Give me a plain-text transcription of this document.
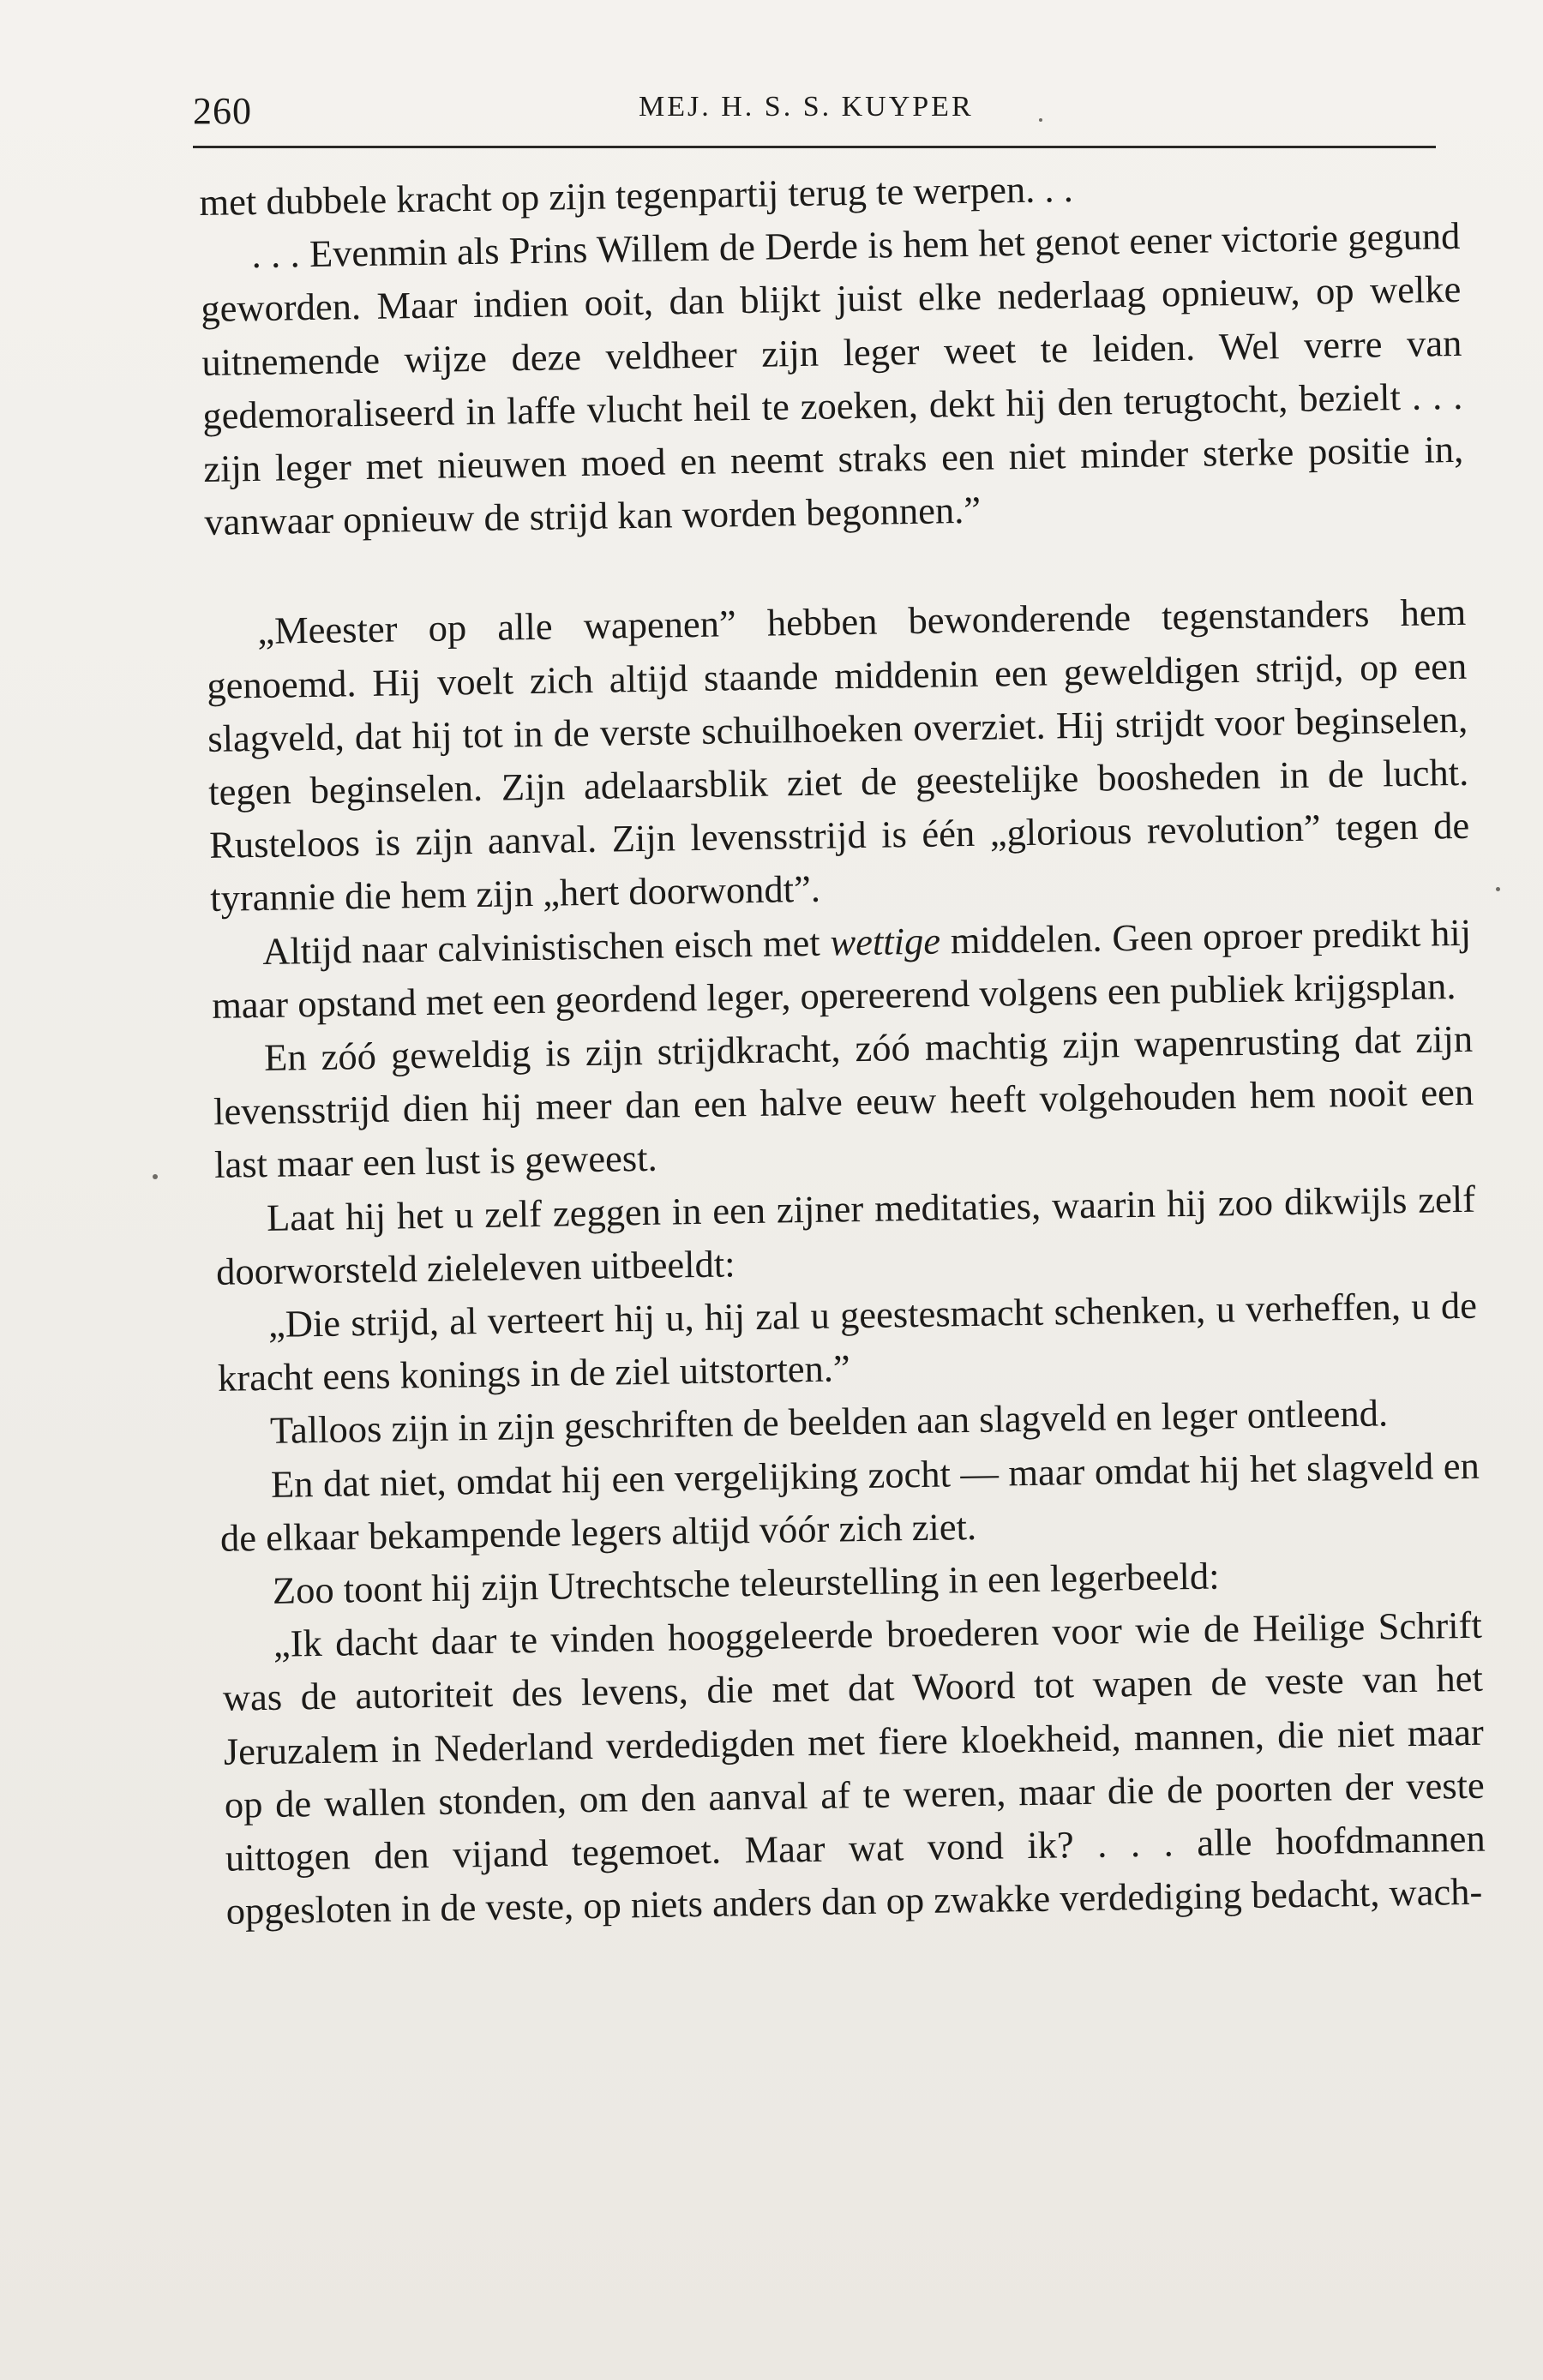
260	MEJ. H. S. S. KUYPER

met dubbele kracht op zijn tegenpartij terug te werpen. . .

. . . Evenmin als Prins Willem de Derde is hem het genot eener victorie gegund geworden. Maar indien ooit, dan blijkt juist elke nederlaag opnieuw, op welke uitnemende wijze deze veldheer zijn leger weet te leiden. Wel verre van gedemoraliseerd in laffe vlucht heil te zoeken, dekt hij den terugtocht, bezielt . . . zijn leger met nieuwen moed en neemt straks een niet minder sterke positie in, vanwaar opnieuw de strijd kan worden begonnen.”

„Meester op alle wapenen” hebben bewonderende tegenstanders hem genoemd. Hij voelt zich altijd staande middenin een geweldigen strijd, op een slagveld, dat hij tot in de verste schuilhoeken overziet. Hij strijdt voor beginselen, tegen beginselen. Zijn adelaarsblik ziet de geestelijke boosheden in de lucht. Rusteloos is zijn aanval. Zijn levensstrijd is één „glorious revolution” tegen de tyrannie die hem zijn „hert doorwondt”.

Altijd naar calvinistischen eisch met wettige middelen. Geen oproer predikt hij maar opstand met een geordend leger, opereerend volgens een publiek krijgsplan.

En zóó geweldig is zijn strijdkracht, zóó machtig zijn wapenrusting dat zijn levensstrijd dien hij meer dan een halve eeuw heeft volgehouden hem nooit een last maar een lust is geweest.

Laat hij het u zelf zeggen in een zijner meditaties, waarin hij zoo dikwijls zelf doorworsteld zieleleven uitbeeldt:

„Die strijd, al verteert hij u, hij zal u geestesmacht schenken, u verheffen, u de kracht eens konings in de ziel uitstorten.”

Talloos zijn in zijn geschriften de beelden aan slagveld en leger ontleend.

En dat niet, omdat hij een vergelijking zocht — maar omdat hij het slagveld en de elkaar bekampende legers altijd vóór zich ziet.

Zoo toont hij zijn Utrechtsche teleurstelling in een legerbeeld:

„Ik dacht daar te vinden hooggeleerde broederen voor wie de Heilige Schrift was de autoriteit des levens, die met dat Woord tot wapen de veste van het Jeruzalem in Nederland verdedigden met fiere kloekheid, mannen, die niet maar op de wallen stonden, om den aanval af te weren, maar die de poorten der veste uittogen den vijand tegemoet. Maar wat vond ik? . . . alle hoofdmannen opgesloten in de veste, op niets anders dan op zwakke verdediging bedacht, wach-
